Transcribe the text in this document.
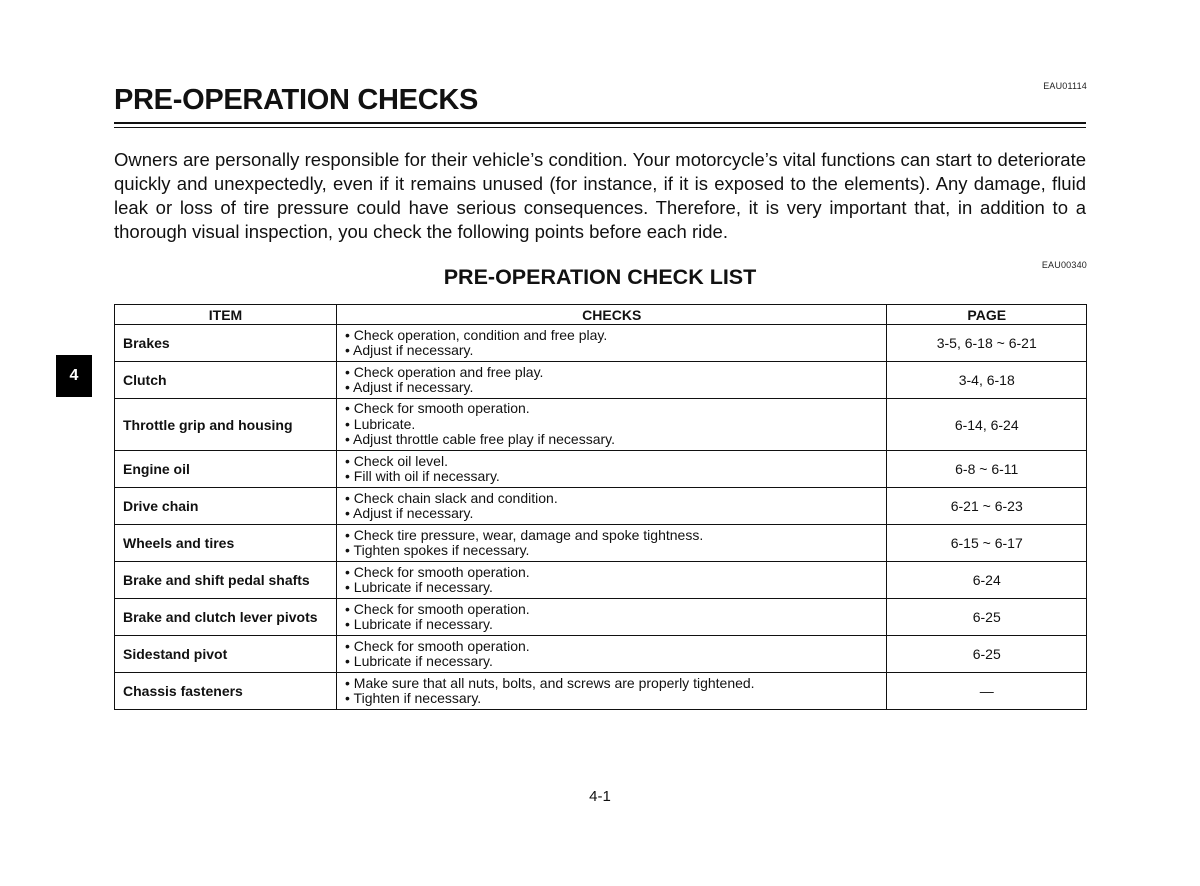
EAU01114
PRE-OPERATION CHECKS

Owners are personally responsible for their vehicle’s condition. Your motorcycle’s vital functions can start to deteriorate quickly and unexpectedly, even if it remains unused (for instance, if it is exposed to the elements). Any damage, fluid leak or loss of tire pressure could have serious consequences. Therefore, it is very important that, in addition to a thorough visual inspection, you check the following points before each ride.

EAU00340
PRE-OPERATION CHECK LIST
4
ITEM	CHECKS	PAGE
Brakes	• Check operation, condition and free play.
• Adjust if necessary.	3-5, 6-18 ~ 6-21
Clutch	• Check operation and free play.
• Adjust if necessary.	3-4, 6-18
Throttle grip and housing	• Check for smooth operation.
• Lubricate.
• Adjust throttle cable free play if necessary.	6-14, 6-24
Engine oil	• Check oil level.
• Fill with oil if necessary.	6-8 ~ 6-11
Drive chain	• Check chain slack and condition.
• Adjust if necessary.	6-21 ~ 6-23
Wheels and tires	• Check tire pressure, wear, damage and spoke tightness.
• Tighten spokes if necessary.	6-15 ~ 6-17
Brake and shift pedal shafts	• Check for smooth operation.
• Lubricate if necessary.	6-24
Brake and clutch lever pivots	• Check for smooth operation.
• Lubricate if necessary.	6-25
Sidestand pivot	• Check for smooth operation.
• Lubricate if necessary.	6-25
Chassis fasteners	• Make sure that all nuts, bolts, and screws are properly tightened.
• Tighten if necessary.	—
4-1
